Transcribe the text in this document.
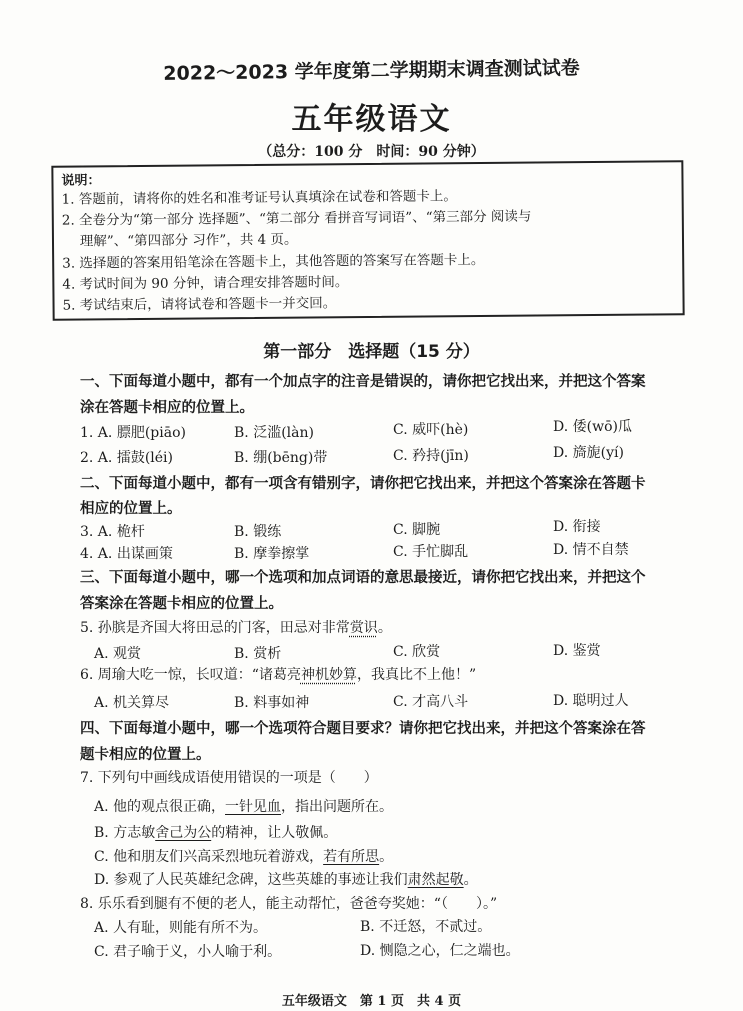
2022～2023 学年度第二学期期末调查测试试卷
五年级语文
（总分：100 分　时间：90 分钟）
说明：
1. 答题前，请将你的姓名和准考证号认真填涂在试卷和答题卡上。
2. 全卷分为“第一部分 选择题”、“第二部分 看拼音写词语”、“第三部分 阅读与
　 理解”、“第四部分 习作”，共 4 页。
3. 选择题的答案用铅笔涂在答题卡上，其他答题的答案写在答题卡上。
4. 考试时间为 90 分钟，请合理安排答题时间。
5. 考试结束后，请将试卷和答题卡一并交回。
第一部分　选择题（15 分）
一、下面每道小题中，都有一个加点字的注音是错误的，请你把它找出来，并把这个答案
涂在答题卡相应的位置上。
1. A. 膘肥(piāo)	B. 泛滥(làn)	C. 威吓(hè)	D. 倭(wō)瓜
2. A. 擂鼓(léi)	B. 绷(bēng)带	C. 矜持(jīn)	D. 旖旎(yí)
二、下面每道小题中，都有一项含有错别字，请你把它找出来，并把这个答案涂在答题卡
相应的位置上。
3. A. 桅杆	B. 锻练	C. 脚腕	D. 衔接
4. A. 出谋画策	B. 摩拳擦掌	C. 手忙脚乱	D. 情不自禁
三、下面每道小题中，哪一个选项和加点词语的意思最接近，请你把它找出来，并把这个
答案涂在答题卡相应的位置上。
5. 孙膑是齐国大将田忌的门客，田忌对非常赏识。
A. 观赏	B. 赏析	C. 欣赏	D. 鉴赏
6. 周瑜大吃一惊，长叹道：“诸葛亮神机妙算，我真比不上他！”
A. 机关算尽	B. 料事如神	C. 才高八斗	D. 聪明过人
四、下面每道小题中，哪一个选项符合题目要求？请你把它找出来，并把这个答案涂在答
题卡相应的位置上。
7. 下列句中画线成语使用错误的一项是（　　）
A. 他的观点很正确，一针见血，指出问题所在。
B. 方志敏舍己为公的精神，让人敬佩。
C. 他和朋友们兴高采烈地玩着游戏，若有所思。
D. 参观了人民英雄纪念碑，这些英雄的事迹让我们肃然起敬。
8. 乐乐看到腿有不便的老人，能主动帮忙，爸爸夸奖她：“（　　）。”
A. 人有耻，则能有所不为。	B. 不迁怒，不贰过。
C. 君子喻于义，小人喻于利。	D. 恻隐之心，仁之端也。
五年级语文　第 1 页　共 4 页
